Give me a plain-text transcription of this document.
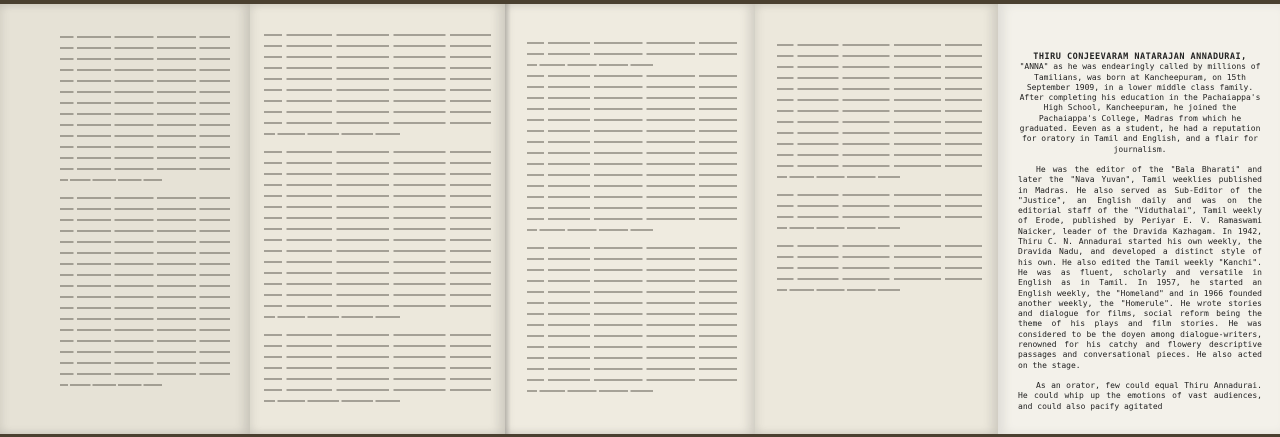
THIRU CONJEEVARAM NATARAJAN ANNADURAI,

"ANNA" as he was endearingly called by millions of Tamilians, was born at Kancheepuram, on 15th September 1909, in a lower middle class family. After completing his education in the Pachaiappa's High School, Kancheepuram, he joined the Pachaiappa's College, Madras from which he graduated. Eeven as a student, he had a reputation for oratory in Tamil and English, and a flair for journalism.

He was the editor of the "Bala Bharati" and later the "Nava Yuvan", Tamil weeklies published in Madras. He also served as Sub-Editor of the "Justice", an English daily and was on the editorial staff of the "Viduthalai", Tamil weekly of Erode, published by Periyar E. V. Ramaswami Naicker, leader of the Dravida Kazhagam. In 1942, Thiru C. N. Annadurai started his own weekly, the Dravida Nadu, and developed a distinct style of his own. He also edited the Tamil weekly "Kanchi". He was as fluent, scholarly and versatile in English as in Tamil. In 1957, he started an English weekly, the "Homeland" and in 1966 founded another weekly, the "Homerule". He wrote stories and dialogue for films, social reform being the theme of his plays and film stories. He was considered to be the doyen among dialogue-writers, renowned for his catchy and flowery descriptive passages and conversational pieces. He also acted on the stage.

As an orator, few could equal Thiru Annadurai. He could whip up the emotions of vast audiences, and could also pacify agitated
